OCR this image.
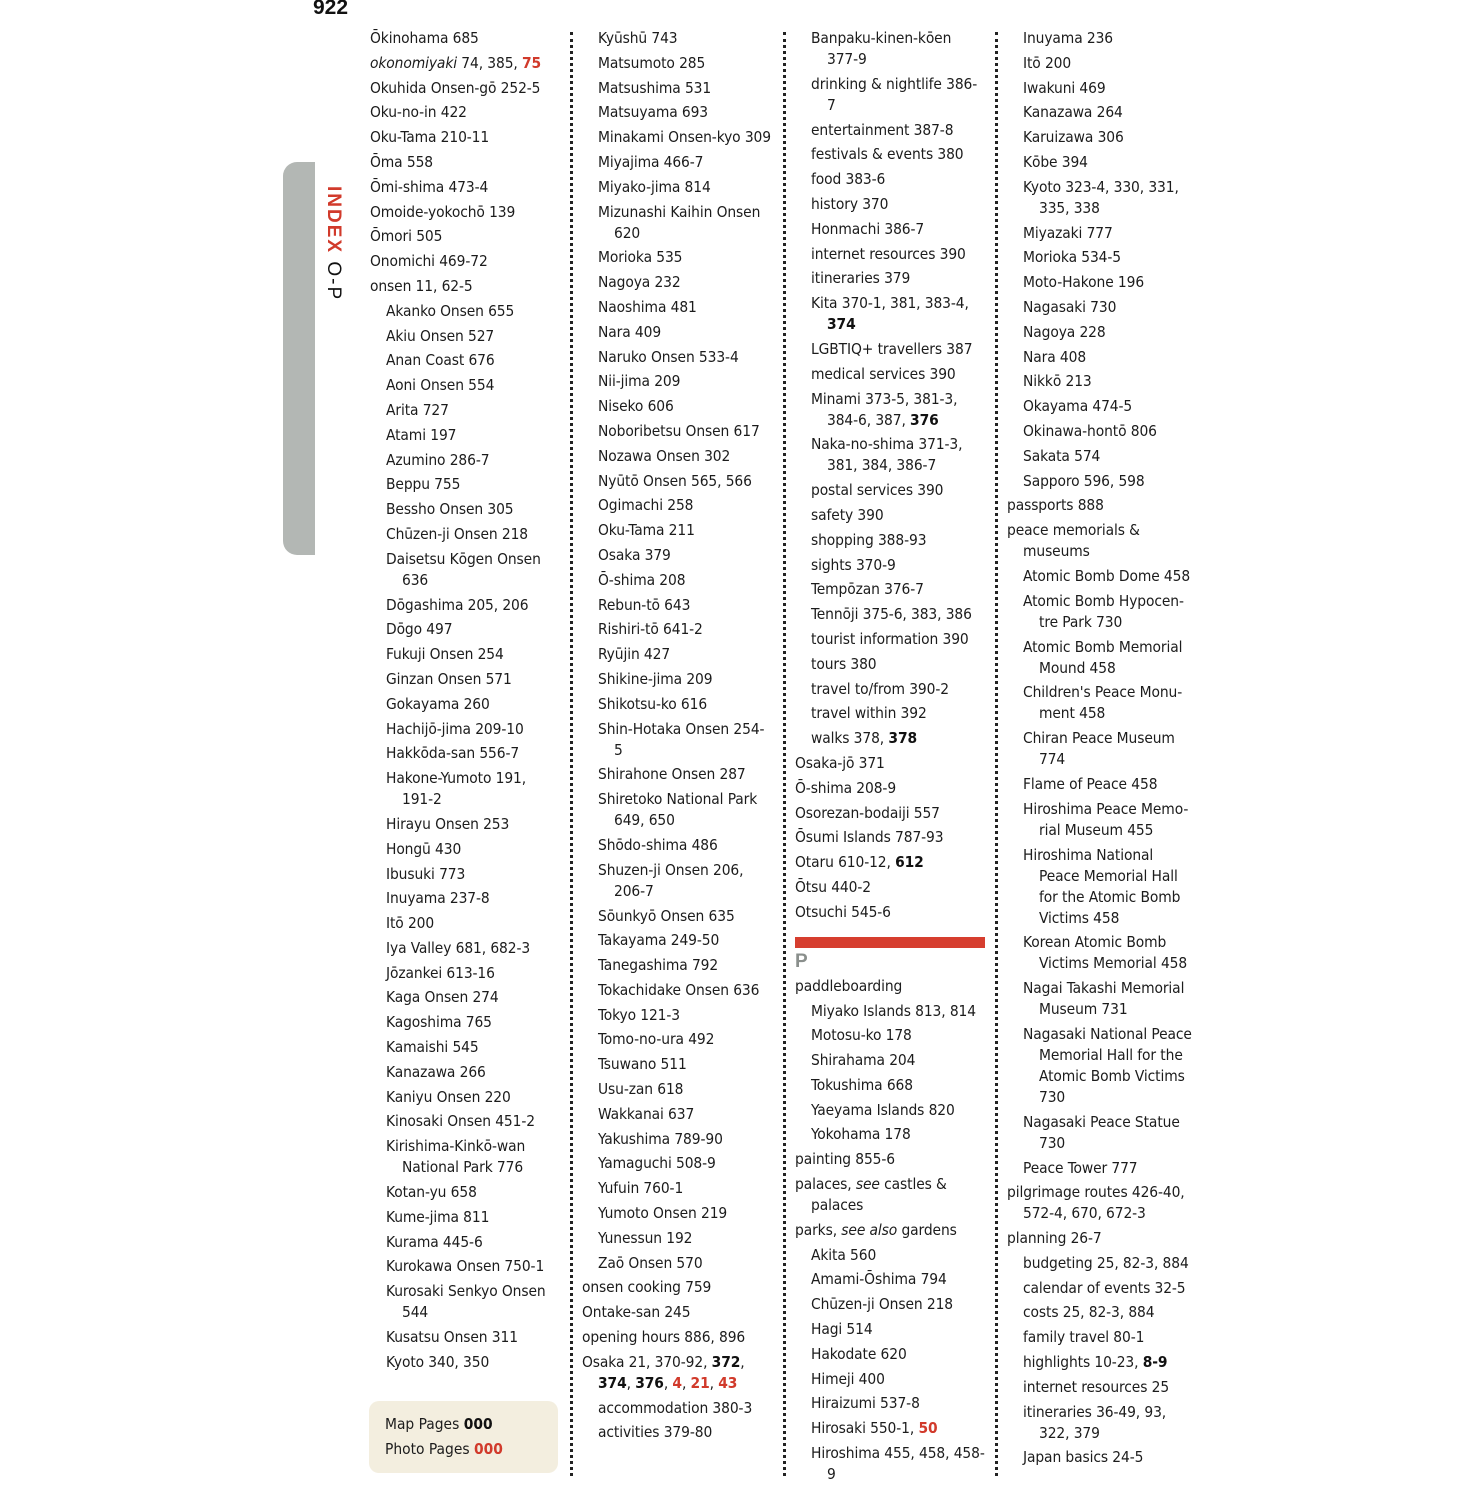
922
INDEX O-P
Ōkinohama 685
okonomiyaki 74, 385, 75
Okuhida Onsen-gō 252-5
Oku-no-in 422
Oku-Tama 210-11
Ōma 558
Ōmi-shima 473-4
Omoide-yokochō 139
Ōmori 505
Onomichi 469-72
onsen 11, 62-5
Akanko Onsen 655
Akiu Onsen 527
Anan Coast 676
Aoni Onsen 554
Arita 727
Atami 197
Azumino 286-7
Beppu 755
Bessho Onsen 305
Chūzen-ji Onsen 218
Daisetsu Kōgen Onsen 636
Dōgashima 205, 206
Dōgo 497
Fukuji Onsen 254
Ginzan Onsen 571
Gokayama 260
Hachijō-jima 209-10
Hakkōda-san 556-7
Hakone-Yumoto 191, 191-2
Hirayu Onsen 253
Hongū 430
Ibusuki 773
Inuyama 237-8
Itō 200
Iya Valley 681, 682-3
Jōzankei 613-16
Kaga Onsen 274
Kagoshima 765
Kamaishi 545
Kanazawa 266
Kaniyu Onsen 220
Kinosaki Onsen 451-2
Kirishima-Kinkō-wan National Park 776
Kotan-yu 658
Kume-jima 811
Kurama 445-6
Kurokawa Onsen 750-1
Kurosaki Senkyo Onsen 544
Kusatsu Onsen 311
Kyoto 340, 350
Kyūshū 743
Matsumoto 285
Matsushima 531
Matsuyama 693
Minakami Onsen-kyo 309
Miyajima 466-7
Miyako-jima 814
Mizunashi Kaihin Onsen 620
Morioka 535
Nagoya 232
Naoshima 481
Nara 409
Naruko Onsen 533-4
Nii-jima 209
Niseko 606
Noboribetsu Onsen 617
Nozawa Onsen 302
Nyūtō Onsen 565, 566
Ogimachi 258
Oku-Tama 211
Osaka 379
Ō-shima 208
Rebun-tō 643
Rishiri-tō 641-2
Ryūjin 427
Shikine-jima 209
Shikotsu-ko 616
Shin-Hotaka Onsen 254-5
Shirahone Onsen 287
Shiretoko National Park 649, 650
Shōdo-shima 486
Shuzen-ji Onsen 206, 206-7
Sōunkyō Onsen 635
Takayama 249-50
Tanegashima 792
Tokachidake Onsen 636
Tokyo 121-3
Tomo-no-ura 492
Tsuwano 511
Usu-zan 618
Wakkanai 637
Yakushima 789-90
Yamaguchi 508-9
Yufuin 760-1
Yumoto Onsen 219
Yunessun 192
Zaō Onsen 570
onsen cooking 759
Ontake-san 245
opening hours 886, 896
Osaka 21, 370-92, 372, 374, 376, 4, 21, 43
accommodation 380-3
activities 379-80
Banpaku-kinen-kōen 377-9
drinking & nightlife 386-7
entertainment 387-8
festivals & events 380
food 383-6
history 370
Honmachi 386-7
internet resources 390
itineraries 379
Kita 370-1, 381, 383-4, 374
LGBTIQ+ travellers 387
medical services 390
Minami 373-5, 381-3, 384-6, 387, 376
Naka-no-shima 371-3, 381, 384, 386-7
postal services 390
safety 390
shopping 388-93
sights 370-9
Tempōzan 376-7
Tennōji 375-6, 383, 386
tourist information 390
tours 380
travel to/from 390-2
travel within 392
walks 378, 378
Osaka-jō 371
Ō-shima 208-9
Osorezan-bodaiji 557
Ōsumi Islands 787-93
Otaru 610-12, 612
Ōtsu 440-2
Otsuchi 545-6
P
paddleboarding
Miyako Islands 813, 814
Motosu-ko 178
Shirahama 204
Tokushima 668
Yaeyama Islands 820
Yokohama 178
painting 855-6
palaces, see castles & palaces
parks, see also gardens
Akita 560
Amami-Ōshima 794
Chūzen-ji Onsen 218
Hagi 514
Hakodate 620
Himeji 400
Hiraizumi 537-8
Hirosaki 550-1, 50
Hiroshima 455, 458, 458-9
Inuyama 236
Itō 200
Iwakuni 469
Kanazawa 264
Karuizawa 306
Kōbe 394
Kyoto 323-4, 330, 331, 335, 338
Miyazaki 777
Morioka 534-5
Moto-Hakone 196
Nagasaki 730
Nagoya 228
Nara 408
Nikkō 213
Okayama 474-5
Okinawa-hontō 806
Sakata 574
Sapporo 596, 598
passports 888
peace memorials & museums
Atomic Bomb Dome 458
Atomic Bomb Hypocen-tre Park 730
Atomic Bomb Memorial Mound 458
Children's Peace Monu-ment 458
Chiran Peace Museum 774
Flame of Peace 458
Hiroshima Peace Memo-rial Museum 455
Hiroshima National Peace Memorial Hall for the Atomic Bomb Victims 458
Korean Atomic Bomb Victims Memorial 458
Nagai Takashi Memorial Museum 731
Nagasaki National Peace Memorial Hall for the Atomic Bomb Victims 730
Nagasaki Peace Statue 730
Peace Tower 777
pilgrimage routes 426-40, 572-4, 670, 672-3
planning 26-7
budgeting 25, 82-3, 884
calendar of events 32-5
costs 25, 82-3, 884
family travel 80-1
highlights 10-23, 8-9
internet resources 25
itineraries 36-49, 93, 322, 379
Japan basics 24-5
Map Pages 000
Photo Pages 000
